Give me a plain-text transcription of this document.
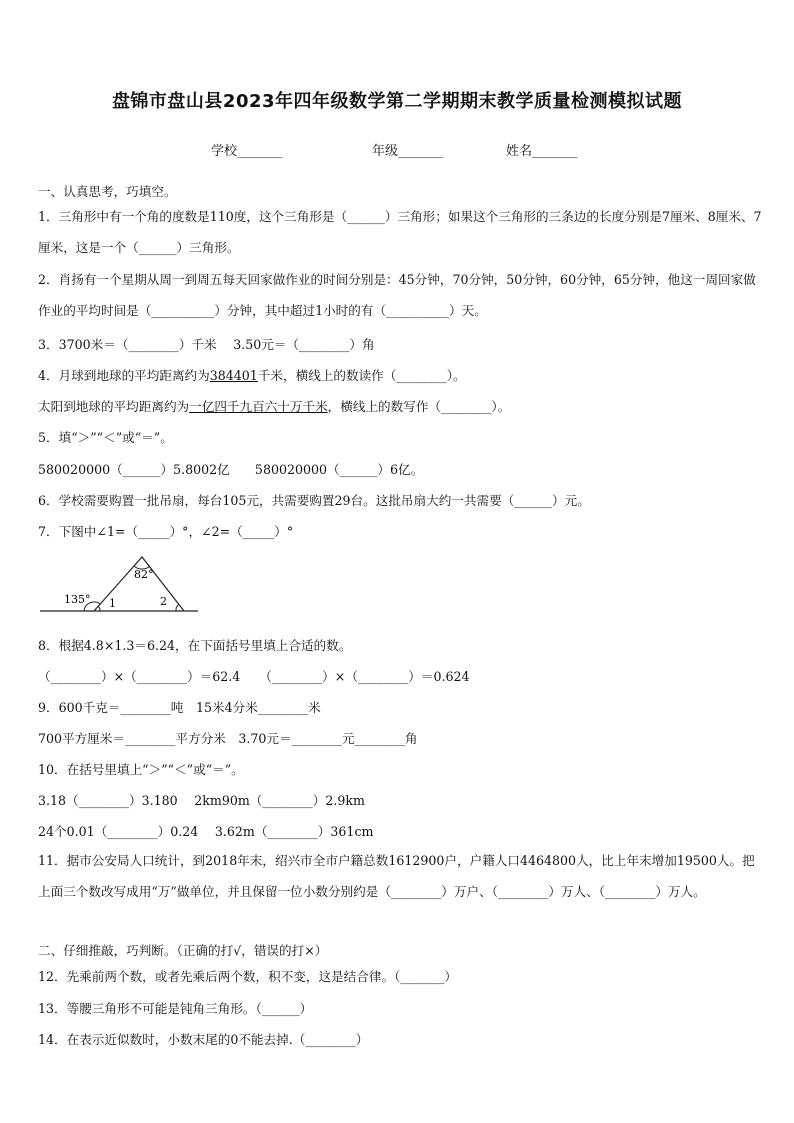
盘锦市盘山县2023年四年级数学第二学期期末教学质量检测模拟试题
学校_______	年级_______	姓名_______
一、认真思考，巧填空。
1．三角形中有一个角的度数是110度，这个三角形是（______）三角形；如果这个三角形的三条边的长度分别是7厘米、8厘米、7厘米，这是一个（______）三角形。
2．肖扬有一个星期从周一到周五每天回家做作业的时间分别是：45分钟，70分钟，50分钟，60分钟，65分钟，他这一周回家做作业的平均时间是（__________）分钟，其中超过1小时的有（__________）天。
3．3700米＝（________）千米　 3.50元＝（________）角
4．月球到地球的平均距离约为384401千米，横线上的数读作（________）。
太阳到地球的平均距离约为一亿四千九百六十万千米，横线上的数写作（________）。
5．填“＞”“＜”或“＝”。
580020000（______）5.8002亿　　580020000（______）6亿。
6．学校需要购置一批吊扇，每台105元，共需要购置29台。这批吊扇大约一共需要（______）元。
7．下图中∠1=（_____）°，∠2=（_____）°
82°
135° 1	2
8．根据4.8×1.3＝6.24，在下面括号里填上合适的数。
（________）×（________）＝62.4　　（________）×（________）＝0.624
9．600千克＝________吨　15米4分米________米
700平方厘米＝________平方分米　3.70元＝________元________角
10．在括号里填上“＞”“＜”或“＝”。
3.18（________）3.180　 2km90m（________）2.9km
24个0.01（________）0.24　 3.62m（________）361cm
11．据市公安局人口统计，到2018年末，绍兴市全市户籍总数1612900户，户籍人口4464800人，比上年末增加19500人。把上面三个数改写成用“万”做单位，并且保留一位小数分别约是（________）万户、（________）万人、（________）万人。
二、仔细推敲，巧判断。（正确的打√，错误的打×）
12．先乘前两个数，或者先乘后两个数，积不变，这是结合律。（_______）
13．等腰三角形不可能是钝角三角形。（______）
14．在表示近似数时，小数末尾的0不能去掉.（________）
